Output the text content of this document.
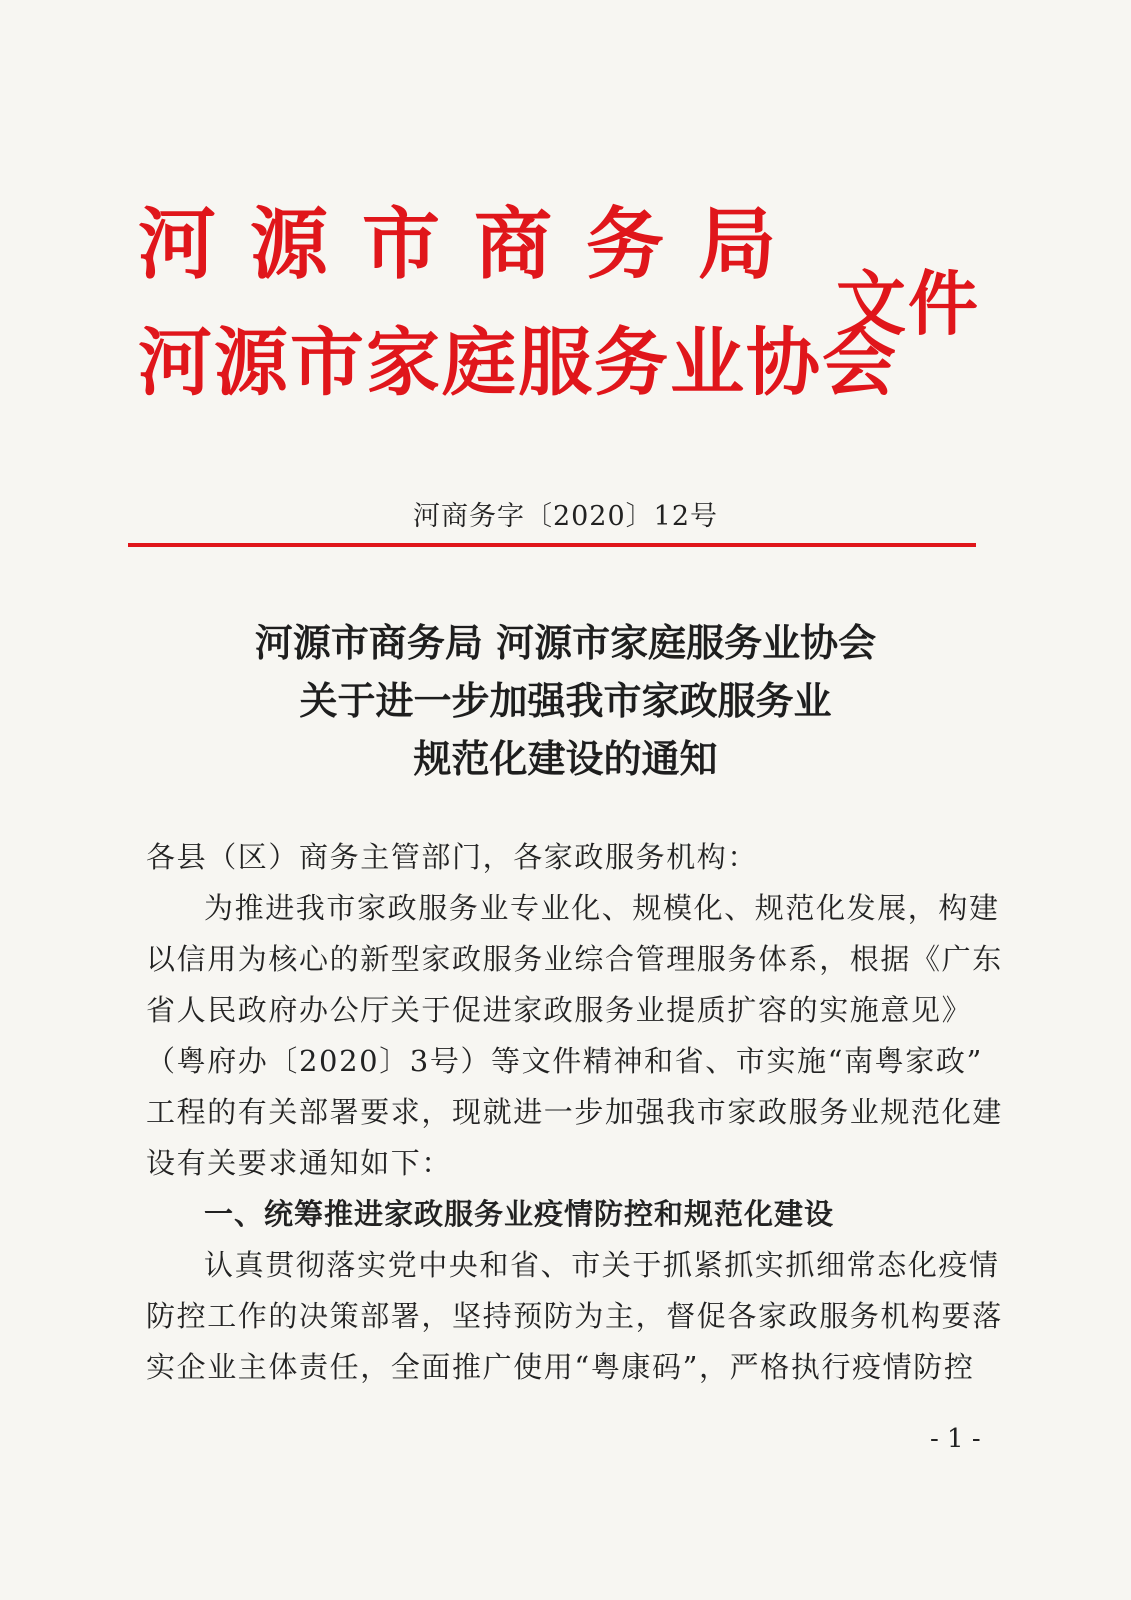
河源市商务局
文件
河源市家庭服务业协会
河商务字〔2020〕12号
河源市商务局 河源市家庭服务业协会
关于进一步加强我市家政服务业
规范化建设的通知

各县（区）商务主管部门，各家政服务机构：

为推进我市家政服务业专业化、规模化、规范化发展，构建

以信用为核心的新型家政服务业综合管理服务体系，根据《广东

省人民政府办公厅关于促进家政服务业提质扩容的实施意见》

（粤府办〔2020〕3号）等文件精神和省、市实施“南粤家政”

工程的有关部署要求，现就进一步加强我市家政服务业规范化建

设有关要求通知如下：

一、统筹推进家政服务业疫情防控和规范化建设

认真贯彻落实党中央和省、市关于抓紧抓实抓细常态化疫情

防控工作的决策部署，坚持预防为主，督促各家政服务机构要落

实企业主体责任，全面推广使用“粤康码”，严格执行疫情防控

- 1 -
